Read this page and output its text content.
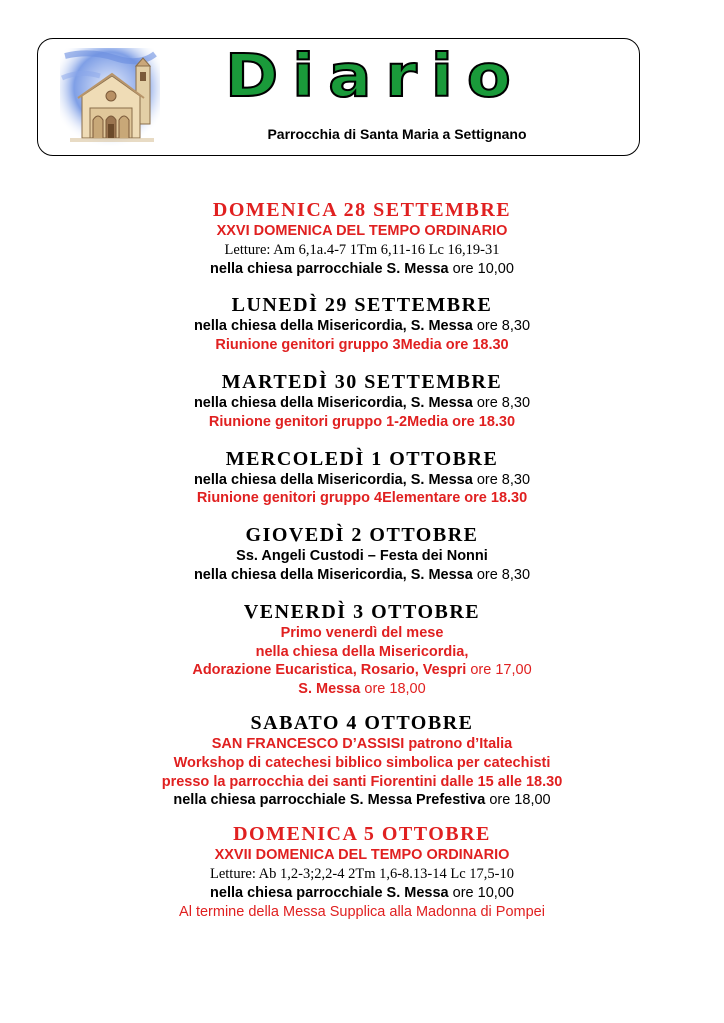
Diario
Parrocchia di Santa Maria a Settignano
DOMENICA 28 SETTEMBRE
XXVI DOMENICA DEL TEMPO ORDINARIO
Letture: Am 6,1a.4-7 1Tm 6,11-16 Lc 16,19-31
nella chiesa parrocchiale S. Messa ore 10,00
LUNEDÌ 29 SETTEMBRE
nella chiesa della Misericordia, S. Messa ore 8,30
Riunione genitori gruppo 3Media ore 18.30
MARTEDÌ 30 SETTEMBRE
nella chiesa della Misericordia, S. Messa ore 8,30
Riunione genitori gruppo 1-2Media ore 18.30
MERCOLEDÌ 1 OTTOBRE
nella chiesa della Misericordia, S. Messa ore 8,30
Riunione genitori gruppo 4Elementare ore 18.30
GIOVEDÌ 2 OTTOBRE
Ss. Angeli Custodi – Festa dei Nonni
nella chiesa della Misericordia, S. Messa ore 8,30
VENERDÌ 3 OTTOBRE
Primo venerdì del mese
nella chiesa della Misericordia,
Adorazione Eucaristica, Rosario, Vespri ore 17,00
S. Messa ore 18,00
SABATO 4 OTTOBRE
SAN FRANCESCO D’ASSISI patrono d’Italia
Workshop di catechesi biblico simbolica per catechisti
presso la parrocchia dei santi Fiorentini dalle 15 alle 18.30
nella chiesa parrocchiale S. Messa Prefestiva ore 18,00
DOMENICA 5 OTTOBRE
XXVII DOMENICA DEL TEMPO ORDINARIO
Letture: Ab 1,2-3;2,2-4 2Tm 1,6-8.13-14 Lc 17,5-10
nella chiesa parrocchiale S. Messa ore 10,00
Al termine della Messa Supplica alla Madonna di Pompei
